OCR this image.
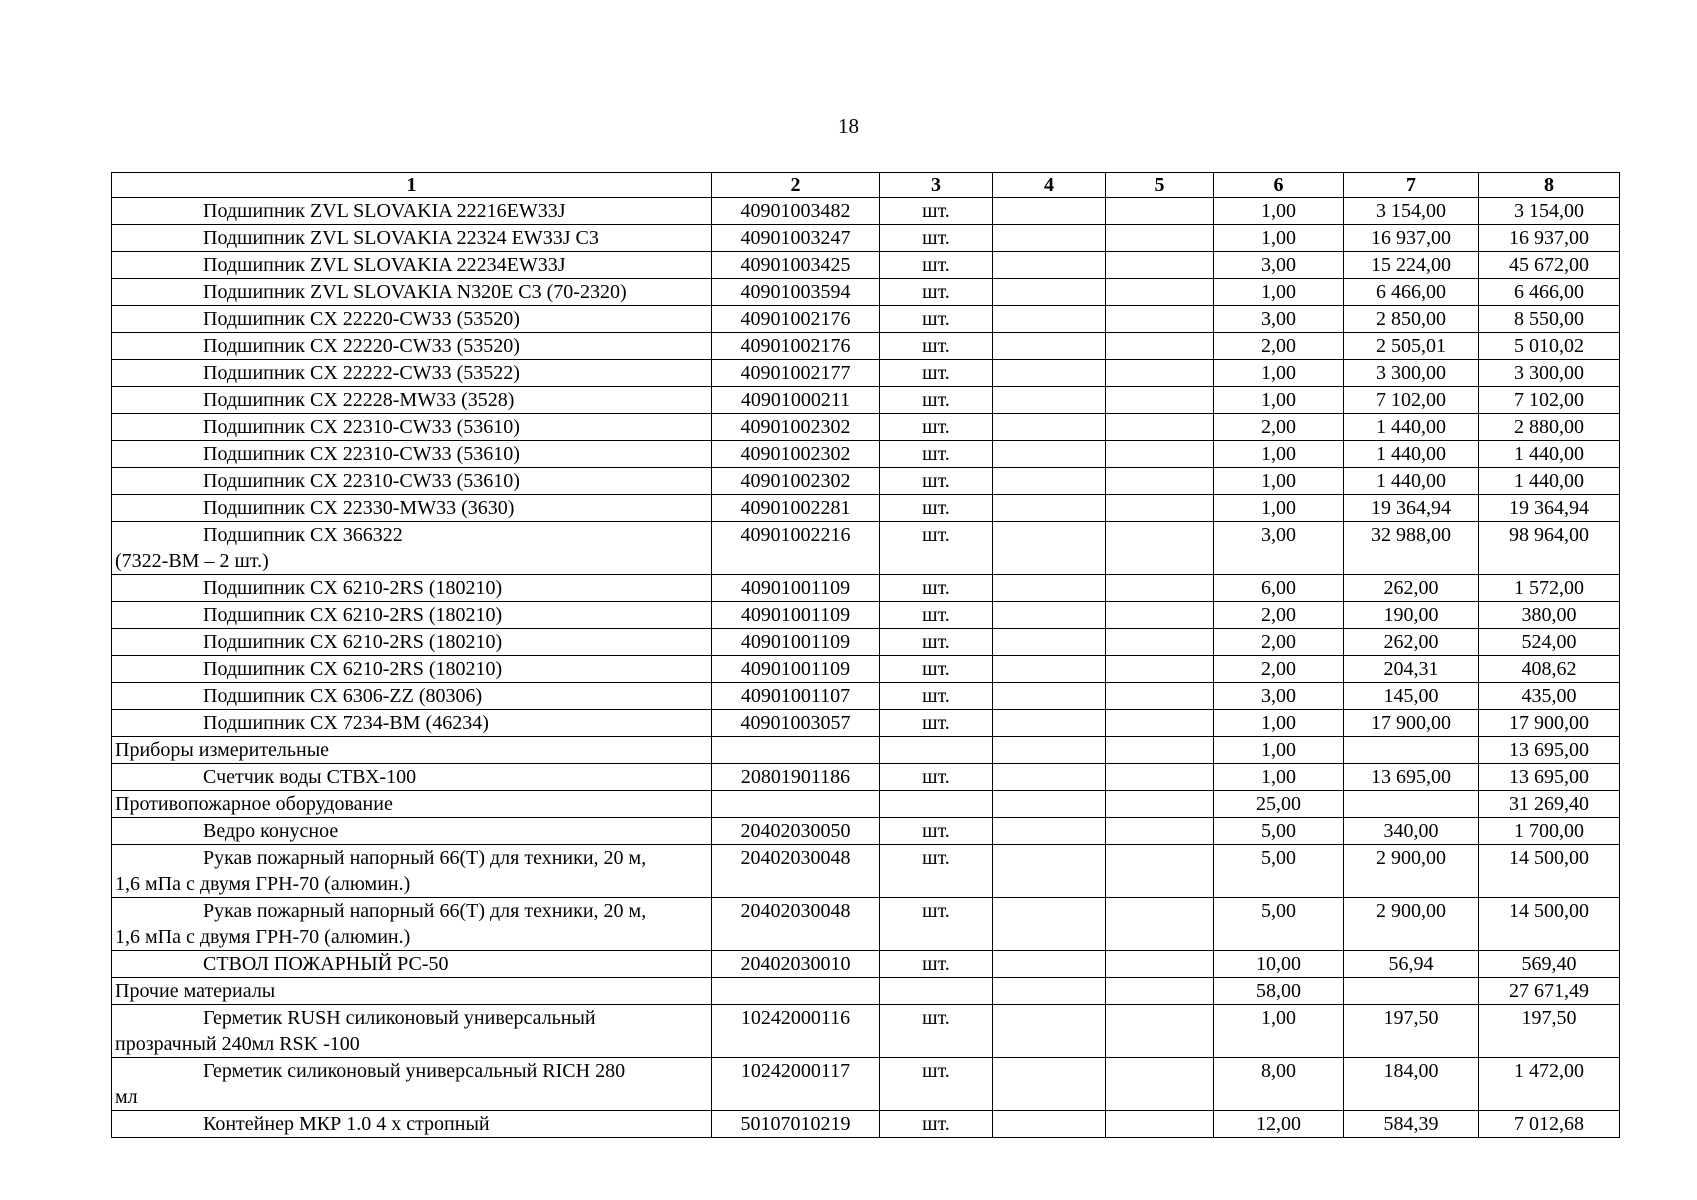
18
1	2	3	4	5	6	7	8
Подшипник ZVL SLOVAKIA 22216EW33J	40901003482	шт.			1,00	3 154,00	3 154,00
Подшипник ZVL SLOVAKIA 22324 EW33J C3	40901003247	шт.			1,00	16 937,00	16 937,00
Подшипник ZVL SLOVAKIA 22234EW33J	40901003425	шт.			3,00	15 224,00	45 672,00
Подшипник ZVL SLOVAKIA N320E C3 (70-2320)	40901003594	шт.			1,00	6 466,00	6 466,00
Подшипник CX 22220-CW33 (53520)	40901002176	шт.			3,00	2 850,00	8 550,00
Подшипник CX 22220-CW33 (53520)	40901002176	шт.			2,00	2 505,01	5 010,02
Подшипник CX 22222-CW33 (53522)	40901002177	шт.			1,00	3 300,00	3 300,00
Подшипник CX 22228-MW33 (3528)	40901000211	шт.			1,00	7 102,00	7 102,00
Подшипник CX 22310-CW33 (53610)	40901002302	шт.			2,00	1 440,00	2 880,00
Подшипник CX 22310-CW33 (53610)	40901002302	шт.			1,00	1 440,00	1 440,00
Подшипник CX 22310-CW33 (53610)	40901002302	шт.			1,00	1 440,00	1 440,00
Подшипник CX 22330-MW33 (3630)	40901002281	шт.			1,00	19 364,94	19 364,94
Подшипник CX 366322
(7322-BM – 2 шт.)	40901002216	шт.			3,00	32 988,00	98 964,00
Подшипник CX 6210-2RS (180210)	40901001109	шт.			6,00	262,00	1 572,00
Подшипник CX 6210-2RS (180210)	40901001109	шт.			2,00	190,00	380,00
Подшипник CX 6210-2RS (180210)	40901001109	шт.			2,00	262,00	524,00
Подшипник CX 6210-2RS (180210)	40901001109	шт.			2,00	204,31	408,62
Подшипник CX 6306-ZZ (80306)	40901001107	шт.			3,00	145,00	435,00
Подшипник CX 7234-BM (46234)	40901003057	шт.			1,00	17 900,00	17 900,00
Приборы измерительные					1,00		13 695,00
Счетчик воды СТВХ-100	20801901186	шт.			1,00	13 695,00	13 695,00
Противопожарное оборудование					25,00		31 269,40
Ведро конусное	20402030050	шт.			5,00	340,00	1 700,00
Рукав пожарный напорный 66(Т) для техники, 20 м,
1,6 мПа с двумя ГРН-70 (алюмин.)	20402030048	шт.			5,00	2 900,00	14 500,00
Рукав пожарный напорный 66(Т) для техники, 20 м,
1,6 мПа с двумя ГРН-70 (алюмин.)	20402030048	шт.			5,00	2 900,00	14 500,00
СТВОЛ ПОЖАРНЫЙ РС-50	20402030010	шт.			10,00	56,94	569,40
Прочие материалы					58,00		27 671,49
Герметик RUSH силиконовый универсальный
прозрачный 240мл RSK -100	10242000116	шт.			1,00	197,50	197,50
Герметик силиконовый универсальный RICH 280
мл	10242000117	шт.			8,00	184,00	1 472,00
Контейнер МКР 1.0 4 х стропный	50107010219	шт.			12,00	584,39	7 012,68
